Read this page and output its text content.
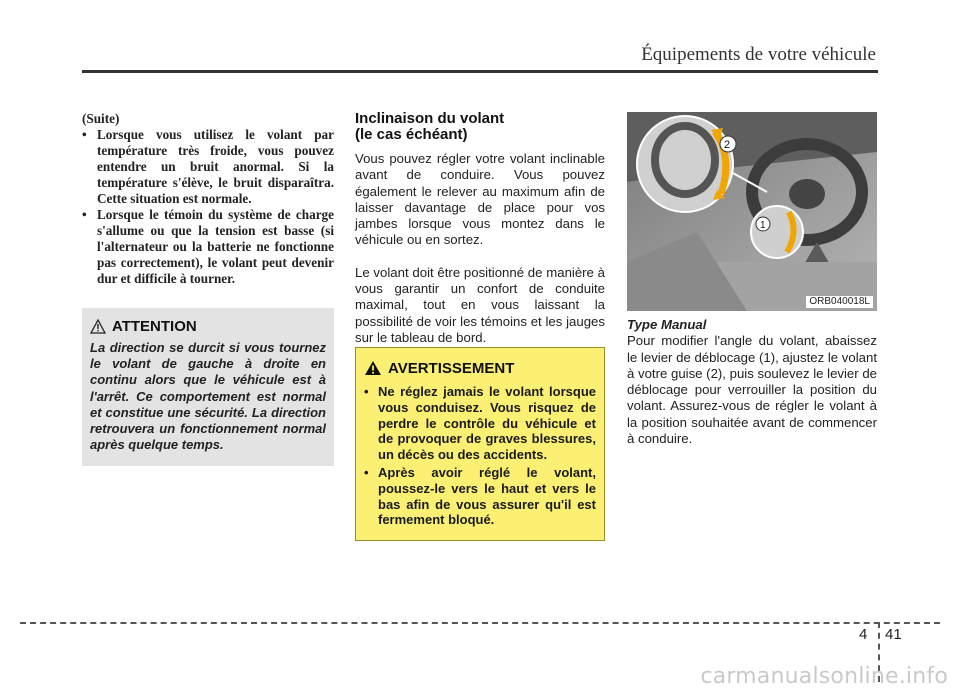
Équipements de votre véhicule
(Suite)
• Lorsque vous utilisez le volant par température très froide, vous pouvez entendre un bruit anormal. Si la température s'élève, le bruit disparaîtra. Cette situation est normale.
• Lorsque le témoin du système de charge s'allume ou que la tension est basse (si l'alternateur ou la batterie ne fonctionne pas correctement), le volant peut devenir dur et difficile à tourner.
ATTENTION
La direction se durcit si vous tournez le volant de gauche à droite en continu alors que le véhicule est à l'arrêt. Ce comportement est normal et constitue une sécurité. La direction retrouvera un fonctionnement normal après quelque temps.
Inclinaison du volant
(le cas échéant)

Vous pouvez régler votre volant inclinable avant de conduire. Vous pouvez également le relever au maximum afin de laisser davantage de place pour vos jambes lorsque vous montez dans le véhicule ou en sortez.

Le volant doit être positionné de manière à vous garantir un confort de conduite maximal, tout en vous laissant la possibilité de voir les témoins et les jauges sur le tableau de bord.

AVERTISSEMENT
• Ne réglez jamais le volant lorsque vous conduisez. Vous risquez de perdre le contrôle du véhicule et de provoquer de graves blessures, un décès ou des accidents.
• Après avoir réglé le volant, poussez-le vers le haut et vers le bas afin de vous assurer qu'il est fermement bloqué.
2
1
ORB040018L
Type Manual

Pour modifier l'angle du volant, abaissez le levier de déblocage (1), ajustez le volant à votre guise (2), puis soulevez le levier de déblocage pour verrouiller la position du volant. Assurez-vous de régler le volant à la position souhaitée avant de commencer à conduire.

4 41
carmanualsonline.info
